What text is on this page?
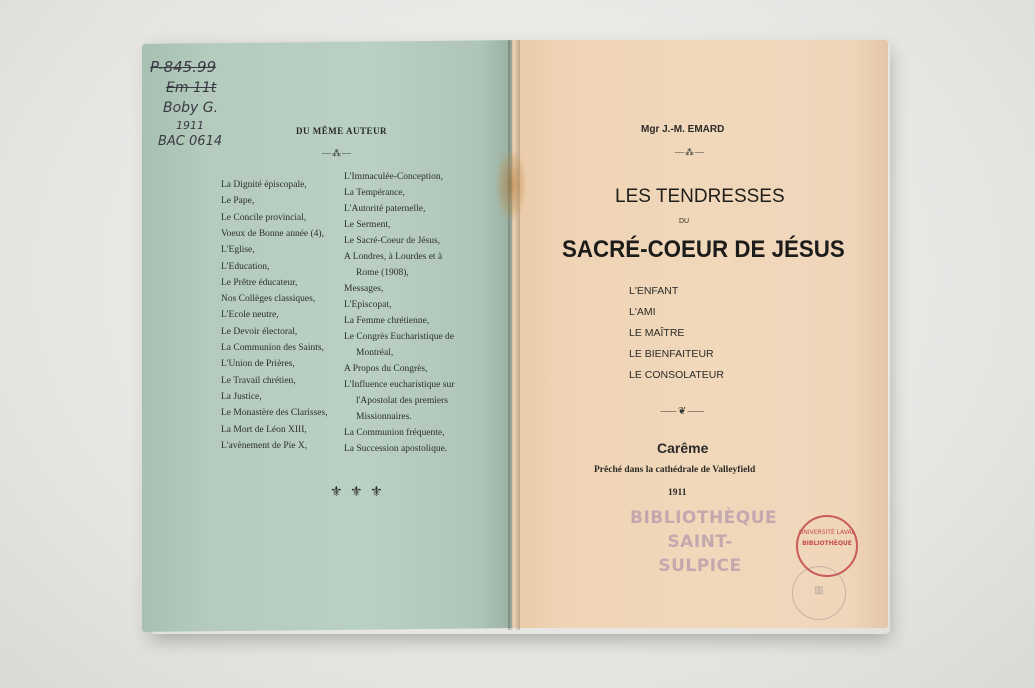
P-845.99
Em 11t
Boby G.
1911
BAC 0614
DU MÊME AUTEUR
—⁂—
La Dignité épiscopale,
Le Pape,
Le Concile provincial,
Voeux de Bonne année (4),
L'Eglise,
L'Education,
Le Prêtre éducateur,
Nos Collèges classiques,
L'Ecole neutre,
Le Devoir électoral,
La Communion des Saints,
L'Union de Prières,
Le Travail chrétien,
La Justice,
Le Monastère des Clarisses,
La Mort de Léon XIII,
L'avènement de Pie X,
L'Immaculée-Conception,
La Tempérance,
L'Autorité paternelle,
Le Serment,
Le Sacré-Coeur de Jésus,
A Londres, à Lourdes et à
Rome (1908),
Messages,
L'Episcopat,
La Femme chrétienne,
Le Congrès Eucharistique de
Montréal,
A Propos du Congrès,
L'Influence eucharistique sur
l'Apostolat des premiers
Missionnaires.
La Communion fréquente,
La Succession apostolique.
⚜ ⚜ ⚜
Mgr J.-M. EMARD
—⁂—
LES TENDRESSES
DU
SACRÉ-COEUR DE JÉSUS
L'ENFANT
L'AMI
LE MAÎTRE
LE BIENFAITEUR
LE CONSOLATEUR
⸺❦⸺
Carême
Prêché dans la cathédrale de Valleyfield
1911
BIBLIOTHÈQUE
SAINT-SULPICE
UNIVERSITÉ LAVAL
BIBLIOTHÈQUE
▥
